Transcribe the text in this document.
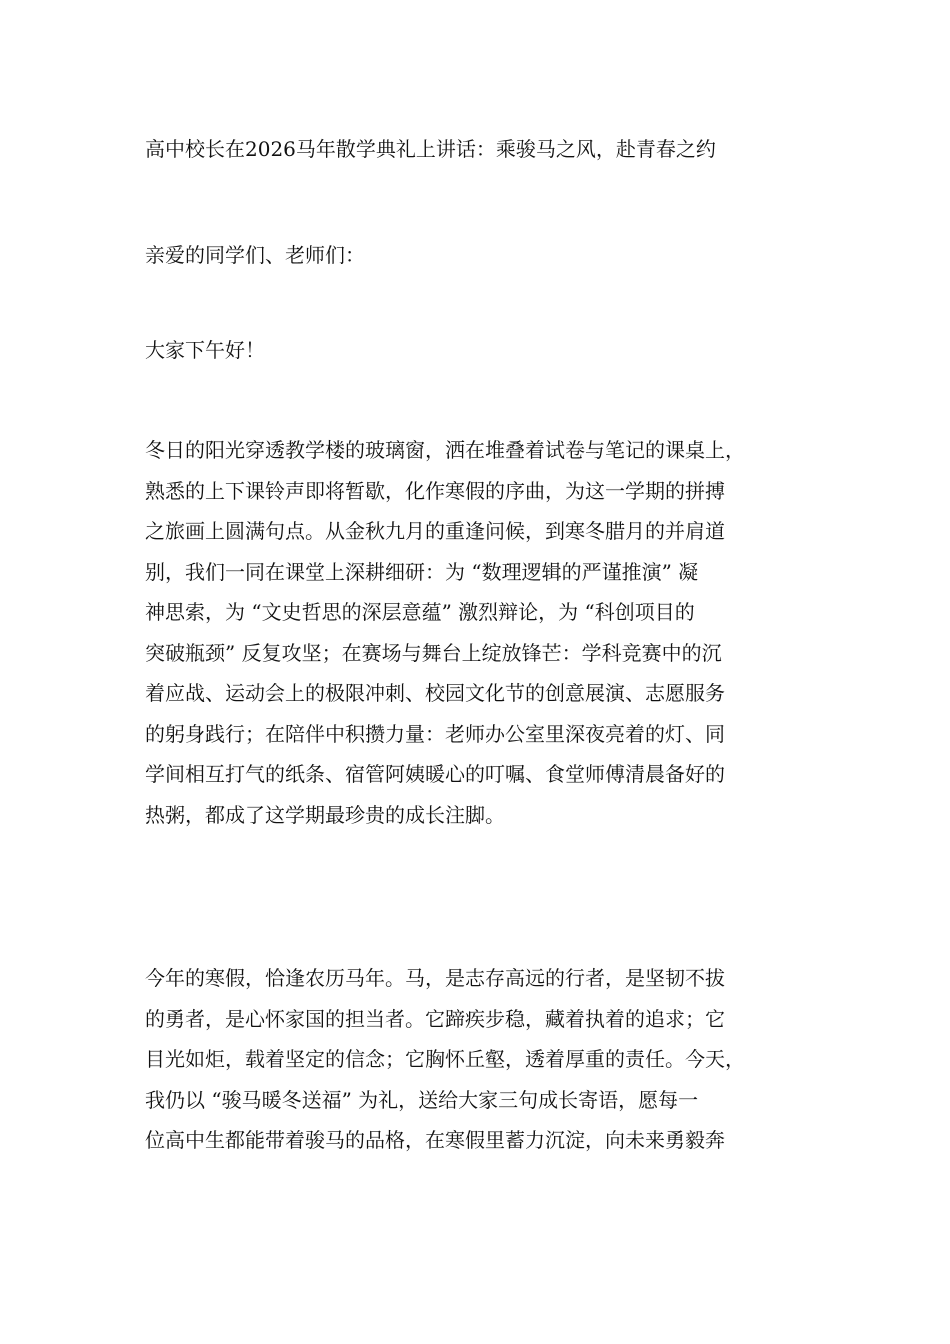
高中校长在2026马年散学典礼上讲话：乘骏马之风，赴青春之约

亲爱的同学们、老师们：

大家下午好！

冬日的阳光穿透教学楼的玻璃窗，洒在堆叠着试卷与笔记的课桌上，
熟悉的上下课铃声即将暂歇，化作寒假的序曲，为这一学期的拼搏
之旅画上圆满句点。从金秋九月的重逢问候，到寒冬腊月的并肩道
别，我们一同在课堂上深耕细研：为 “数理逻辑的严谨推演” 凝
神思索，为 “文史哲思的深层意蕴” 激烈辩论，为 “科创项目的
突破瓶颈” 反复攻坚；在赛场与舞台上绽放锋芒：学科竞赛中的沉
着应战、运动会上的极限冲刺、校园文化节的创意展演、志愿服务
的躬身践行；在陪伴中积攒力量：老师办公室里深夜亮着的灯、同
学间相互打气的纸条、宿管阿姨暖心的叮嘱、食堂师傅清晨备好的
热粥，都成了这学期最珍贵的成长注脚。
今年的寒假，恰逢农历马年。马，是志存高远的行者，是坚韧不拔
的勇者，是心怀家国的担当者。它蹄疾步稳，藏着执着的追求；它
目光如炬，载着坚定的信念；它胸怀丘壑，透着厚重的责任。今天，
我仍以 “骏马暖冬送福” 为礼，送给大家三句成长寄语，愿每一
位高中生都能带着骏马的品格，在寒假里蓄力沉淀，向未来勇毅奔
